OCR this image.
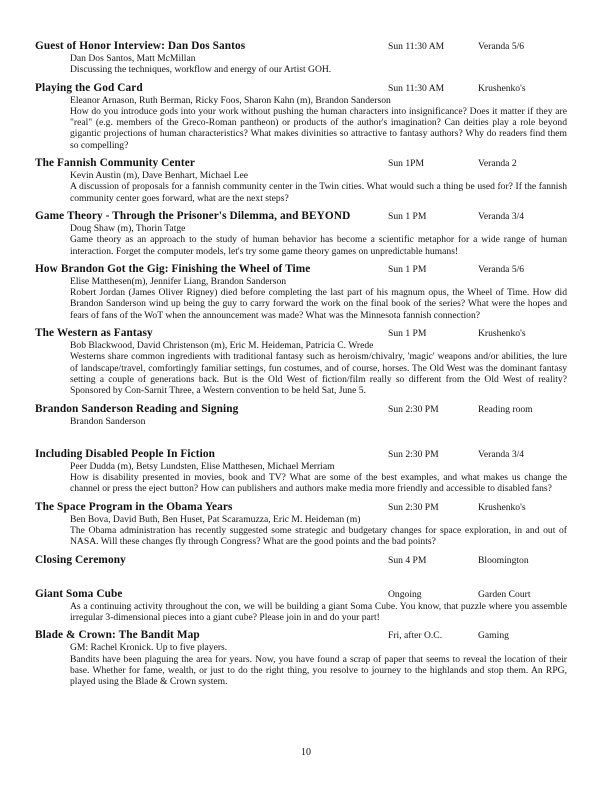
Guest of Honor Interview: Dan Dos Santos	Sun 11:30 AM	Veranda 5/6
Dan Dos Santos, Matt McMillan
Discussing the techniques, workflow and energy of our Artist GOH.
Playing the God Card	Sun 11:30 AM	Krushenko's
Eleanor Arnason, Ruth Berman, Ricky Foos, Sharon Kahn (m), Brandon Sanderson
How do you introduce gods into your work without pushing the human characters into insignificance? Does it matter if they are "real" (e.g. members of the Greco-Roman pantheon) or products of the author's imagination? Can deities play a role beyond gigantic projections of human characteristics? What makes divinities so attractive to fantasy authors? Why do readers find them so compelling?
The Fannish Community Center	Sun 1PM	Veranda 2
Kevin Austin (m), Dave Benhart, Michael Lee
A discussion of proposals for a fannish community center in the Twin cities. What would such a thing be used for? If the fannish community center goes forward, what are the next steps?
Game Theory - Through the Prisoner's Dilemma, and BEYOND	Sun 1 PM	Veranda 3/4
Doug Shaw (m), Thorin Tatge
Game theory as an approach to the study of human behavior has become a scientific metaphor for a wide range of human interaction. Forget the computer models, let's try some game theory games on unpredictable humans!
How Brandon Got the Gig: Finishing the Wheel of Time	Sun 1 PM	Veranda 5/6
Elise Matthesen(m), Jennifer Liang, Brandon Sanderson
Robert Jordan (James Oliver Rigney) died before completing the last part of his magnum opus, the Wheel of Time. How did Brandon Sanderson wind up being the guy to carry forward the work on the final book of the series? What were the hopes and fears of fans of the WoT when the announcement was made? What was the Minnesota fannish connection?
The Western as Fantasy	Sun 1 PM	Krushenko's
Bob Blackwood, David Christenson (m), Eric M. Heideman, Patricia C. Wrede
Westerns share common ingredients with traditional fantasy such as heroism/chivalry, 'magic' weapons and/or abilities, the lure of landscape/travel, comfortingly familiar settings, fun costumes, and of course, horses. The Old West was the dominant fantasy setting a couple of generations back. But is the Old West of fiction/film really so different from the Old West of reality? Sponsored by Con-Sarnit Three, a Western convention to be held Sat, June 5.
Brandon Sanderson Reading and Signing	Sun 2:30 PM	Reading room
Brandon Sanderson
Including Disabled People In Fiction	Sun 2:30 PM	Veranda 3/4
Peer Dudda (m), Betsy Lundsten, Elise Matthesen, Michael Merriam
How is disability presented in movies, book and TV? What are some of the best examples, and what makes us change the channel or press the eject button? How can publishers and authors make media more friendly and accessible to disabled fans?
The Space Program in the Obama Years	Sun 2:30 PM	Krushenko's
Ben Bova, David Buth, Ben Huset, Pat Scaramuzza, Eric M. Heideman (m)
The Obama administration has recently suggested some strategic and budgetary changes for space exploration, in and out of NASA. Will these changes fly through Congress? What are the good points and the bad points?
Closing Ceremony	Sun 4 PM	Bloomington
Giant Soma Cube	Ongoing	Garden Court
As a continuing activity throughout the con, we will be building a giant Soma Cube. You know, that puzzle where you assemble irregular 3-dimensional pieces into a giant cube? Please join in and do your part!
Blade & Crown: The Bandit Map	Fri, after O.C.	Gaming
GM: Rachel Kronick. Up to five players.
Bandits have been plaguing the area for years. Now, you have found a scrap of paper that seems to reveal the location of their base. Whether for fame, wealth, or just to do the right thing, you resolve to journey to the highlands and stop them. An RPG, played using the Blade & Crown system.
10
